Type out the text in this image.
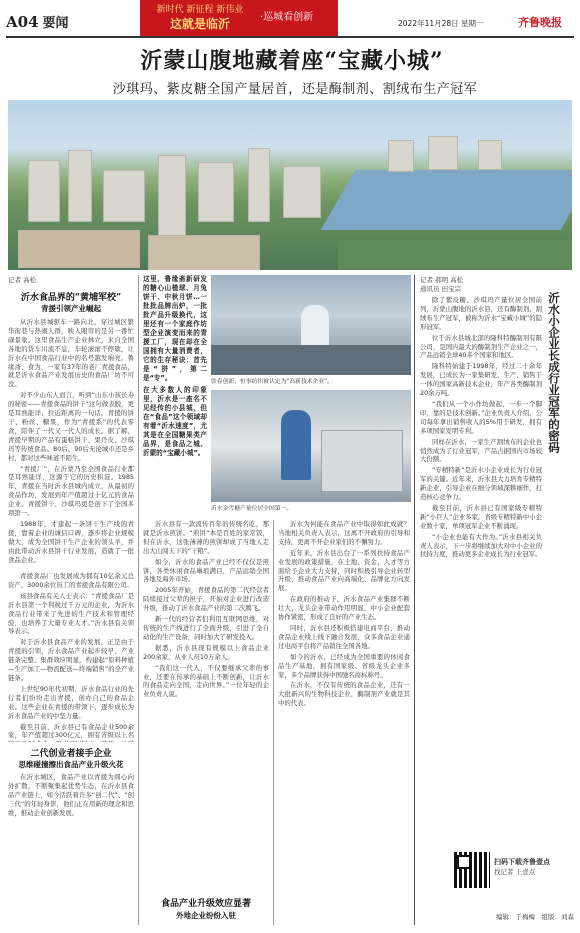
A04 要闻
新时代 新征程 新伟业
这就是临沂	·巡城看创新
2022年11月28日 星期一	齐鲁晚报
沂蒙山腹地藏着座“宝藏小城”
沙琪玛、紫皮糖全国产量居首，还是酶制剂、割绒布生产冠军
记者 高松
沂水食品界的“黄埔军校”
青援引领产业崛起

从沂水县城驱车一路向北，穿过城区繁华街巷与热闹人群，映入眼帘的是另一番忙碌景象。这里食品生产企业林立，来自全国各地的货车川流不息，车轮滚滚不停歇，让沂水在中国食品行业中的名号越发响亮。鲁缘斋、食为、一家有37年的老厂青援食品，就是沂水食品产业发展历史的食品厂坊不可没。

对不少山东人而言，听到“山东小孩长寿的秘密——青援食品的饼干”这句做表脱，更是耳熟能详、拉近距离的一句话。青援的饼干、粉丝、糖果，作为“青援系”的代表零食，陪伴了一代又一代人的成长。据了解，青援早期的产品有蛋糕饼干、果丹皮、沙琪玛等传统食品。80后、90后无论城市还是乡村，都对这些味道不陌生。

“青援厂”，在沂蒙乃至全国食品行业都是耳熟能详，这源于它的历史积淀。1985年，青援在当时沂水县城内成立，从最初的食品作坊，发展到年产值超过十亿元的食品企业。青援饼干、沙琪玛更是创下了全国多项第一。

1988年，才建起一条饼干生产线的青援，靠着企业的诚信口碑，逐步将企业规模做大，成为全国饼干生产企业的领头羊，并由此带动沂水县饼干行业发展，造就了一批食品企业。

青援食品厂也发展成为拥有10亿余元总资产，3000余位员工的青援食品有限公司。

该县食品有关人士表示：“青援食品厂是沂水县第一个利税过千万元的企业，为沂水食品行业带来了先进的生产技术和管理经验，也培养了大量专业人才。”沂水县有关领导表示。

对于沂水县食品产业的发展，正是由于青援的引领，沂水食品产业起步较早、产业链条完整、集群效应明显，构建起“原料种植—生产加工—物流配送—终端销售”的全产业链条。

上世纪90年代初期，沂水食品行业的先行者们纷纷走出青援，创办自己的食品企业。这些企业在青援的带领下，逐步成长为沂水食品产业的中坚力量。

截至目前，沂水县已有食品企业500余家，年产值超过300亿元，拥有省级以上名

二代创业者接手企业
思维碰撞擦出食品产业升级火花

在沂水城区，食品产业以青援为圆心向外扩散，不断聚集起优势生态，在沂水县食品产业链上，如今活跃着许多“创二代”、“创三代”的年轻身影，他们正在用新的理念和思维，推动企业创新发展。

这里，鲁缘斋新研发的糖心山楂球、月兔饼干、中秋月饼…一批批品牌出炉，一批批产品升级换代，这里还有一个家庭作坊型企业演变而来的青援工厂，现在却在全国拥有大量消费者，它的生存秘诀：首先是“拼”，第二是“专”。
在大多数人的印象里，沂水是一座名不见经传的小县城，但在“食品”这个领域却有着“沂水速度”，尤其是在全国糖果类产品界，是食品之城、沂蒙的“宝藏小城”。
张春创新，恒事纺织被认定为“高新技术企业”。
沂水金雪糖产量位居全国第一。

沂水县有一款流传百年的传统名吃，那就是沂水煎饼。“煎饼”本是百姓的家常饭，但在沂水，这张薄薄的煎饼却成了当地人走出大山闯天下的“干粮”。

如今，沂水的食品产业已经不仅仅是煎饼，各类休闲食品琳琅满目，产品远销全国各地及海外市场。

2005年开始，青援食品的第二代经营者陆续接过父辈的担子，开始对企业进行改造升级，推动了沂水食品产业的第二次腾飞。

新一代的经营者们利用互联网思维，对传统的生产线进行了全面升级，引进了全自动化的生产设备，同时加大了研发投入。

据悉，沂水县现有规模以上食品企业200余家，从业人员10万余人。

“我们这一代人，不仅要继承父辈的事业，还要在传承的基础上不断创新，让沂水的食品走向全国，走向世界。”一位年轻的企业负责人说。

沂水为何能在食品产业中取得如此成就？当地相关负责人表示，这离不开政府的引导和支持，更离不开企业家们的不懈努力。

近年来，沂水县出台了一系列扶持食品产业发展的政策措施，在土地、资金、人才等方面给予企业大力支持，同时积极引导企业转型升级，推动食品产业向高端化、品牌化方向发展。

在政府的推动下，沂水食品产业集群不断壮大，龙头企业带动作用明显，中小企业配套协作紧密，形成了良好的产业生态。

同时，沂水县还积极搭建电商平台，推动食品企业线上线下融合发展，众多食品企业通过电商平台将产品销往全国各地。

如今的沂水，已经成为全国重要的休闲食品生产基地，拥有国家级、省级龙头企业多家，多个品牌获得中国驰名商标称号。

在沂水，不仅有传统的食品企业，还有一大批新兴的生物科技企业，酶制剂产业就是其中的代表。

食品产业升级效应显著
外地企业纷纷入驻
记者 郝明 高松
通讯员 田宝宗
沂水小企业长成行业冠军的密码

除了紫皮糖、沙琪玛产量位居全国前列，沂蒙山腹地的沂水县，还有酶制剂、割绒布生产冠军，被称为沂水“宝藏小城”的隐形冠军。

位于沂水县城北部的隆科特酶制剂有限公司，是国内最大的酶制剂生产企业之一，产品远销全球40多个国家和地区。

隆科特始建于1998年，经过二十余年发展，已成长为一家集研发、生产、销售于一体的国家高新技术企业，年产各类酶制剂20余万吨。

“我们从一个小作坊做起，一步一个脚印，靠的是技术创新。”企业负责人介绍，公司每年拿出销售收入的5%用于研发，拥有多项国家发明专利。

同样在沂水，一家生产割绒布的企业也悄然成为了行业冠军，产品占据国内市场较大份额。

“专精特新”是沂水小企业成长为行业冠军的关键。近年来，沂水县大力培育专精特新企业，引导企业在细分领域深耕细作，打造核心竞争力。

截至目前，沂水县已有国家级专精特新“小巨人”企业多家，省级专精特新中小企业数十家，单项冠军企业不断涌现。

“小企业也能有大作为。”沂水县相关负责人表示，下一步将继续加大对中小企业的扶持力度，推动更多企业成长为行业冠军。

扫码下载齐鲁壹点
找记者 上壹点
编辑：于梅梅　组版：刘森
